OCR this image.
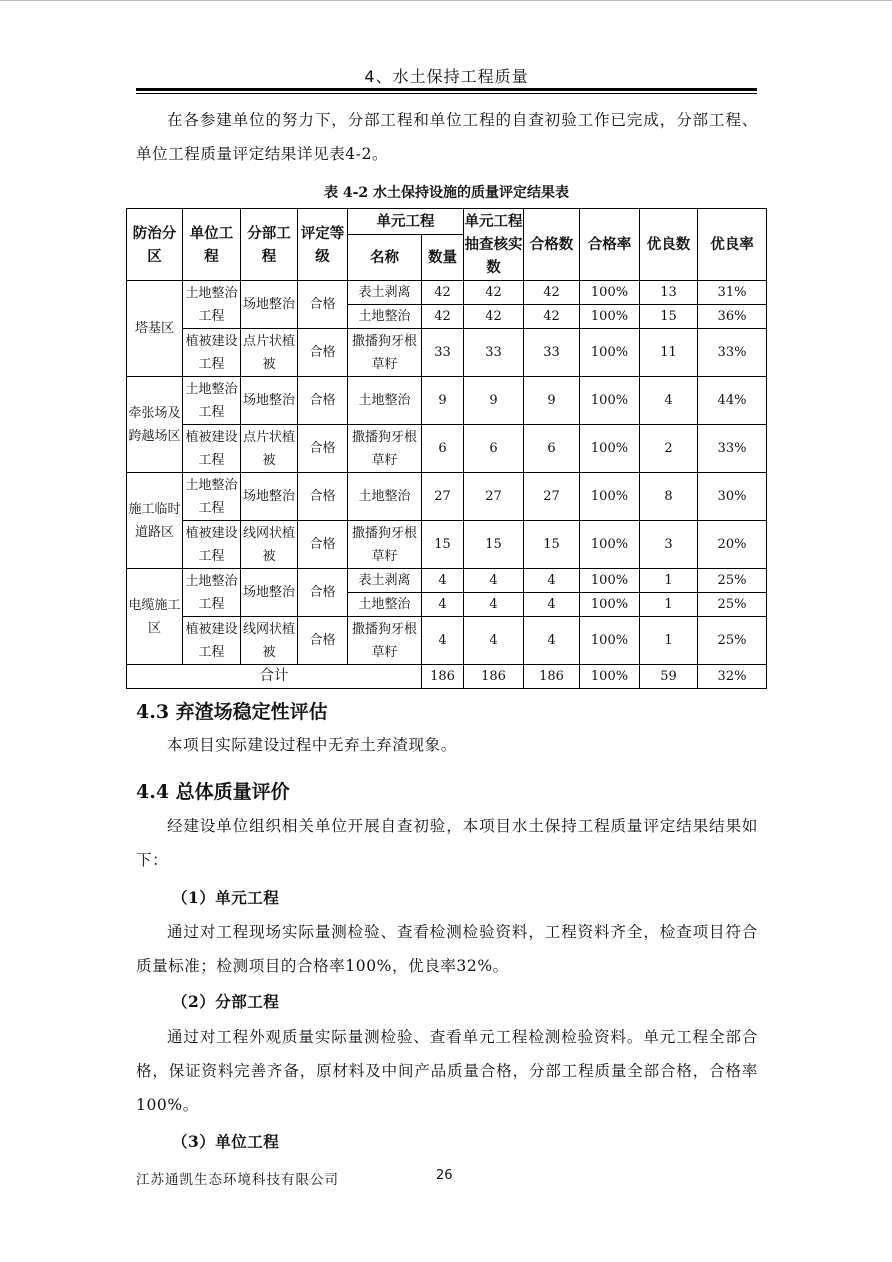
4、水土保持工程质量

在各参建单位的努力下，分部工程和单位工程的自查初验工作已完成，分部工程、单位工程质量评定结果详见表4-2。

表 4-2 水土保持设施的质量评定结果表
防治分区	单位工程	分部工程	评定等级	单元工程		单元工程抽查核实数	合格数	合格率	优良数	优良率
				名称	数量					
塔基区	土地整治工程	场地整治	合格	表土剥离	42	42	42	100%	13	31%
				土地整治	42	42	42	100%	15	36%
	植被建设工程	点片状植被	合格	撒播狗牙根草籽	33	33	33	100%	11	33%
牵张场及跨越场区	土地整治工程	场地整治	合格	土地整治	9	9	9	100%	4	44%
	植被建设工程	点片状植被	合格	撒播狗牙根草籽	6	6	6	100%	2	33%
施工临时道路区	土地整治工程	场地整治	合格	土地整治	27	27	27	100%	8	30%
	植被建设工程	线网状植被	合格	撒播狗牙根草籽	15	15	15	100%	3	20%
电缆施工区	土地整治工程	场地整治	合格	表土剥离	4	4	4	100%	1	25%
				土地整治	4	4	4	100%	1	25%
	植被建设工程	线网状植被	合格	撒播狗牙根草籽	4	4	4	100%	1	25%
合计					186	186	186	100%	59	32%
4.3 弃渣场稳定性评估

本项目实际建设过程中无弃土弃渣现象。

4.4 总体质量评价

经建设单位组织相关单位开展自查初验，本项目水土保持工程质量评定结果结果如下：

（1）单元工程

通过对工程现场实际量测检验、查看检测检验资料，工程资料齐全，检查项目符合质量标准；检测项目的合格率100%，优良率32%。

（2）分部工程

通过对工程外观质量实际量测检验、查看单元工程检测检验资料。单元工程全部合格，保证资料完善齐备，原材料及中间产品质量合格，分部工程质量全部合格，合格率100%。

（3）单位工程
江苏通凯生态环境科技有限公司	26
